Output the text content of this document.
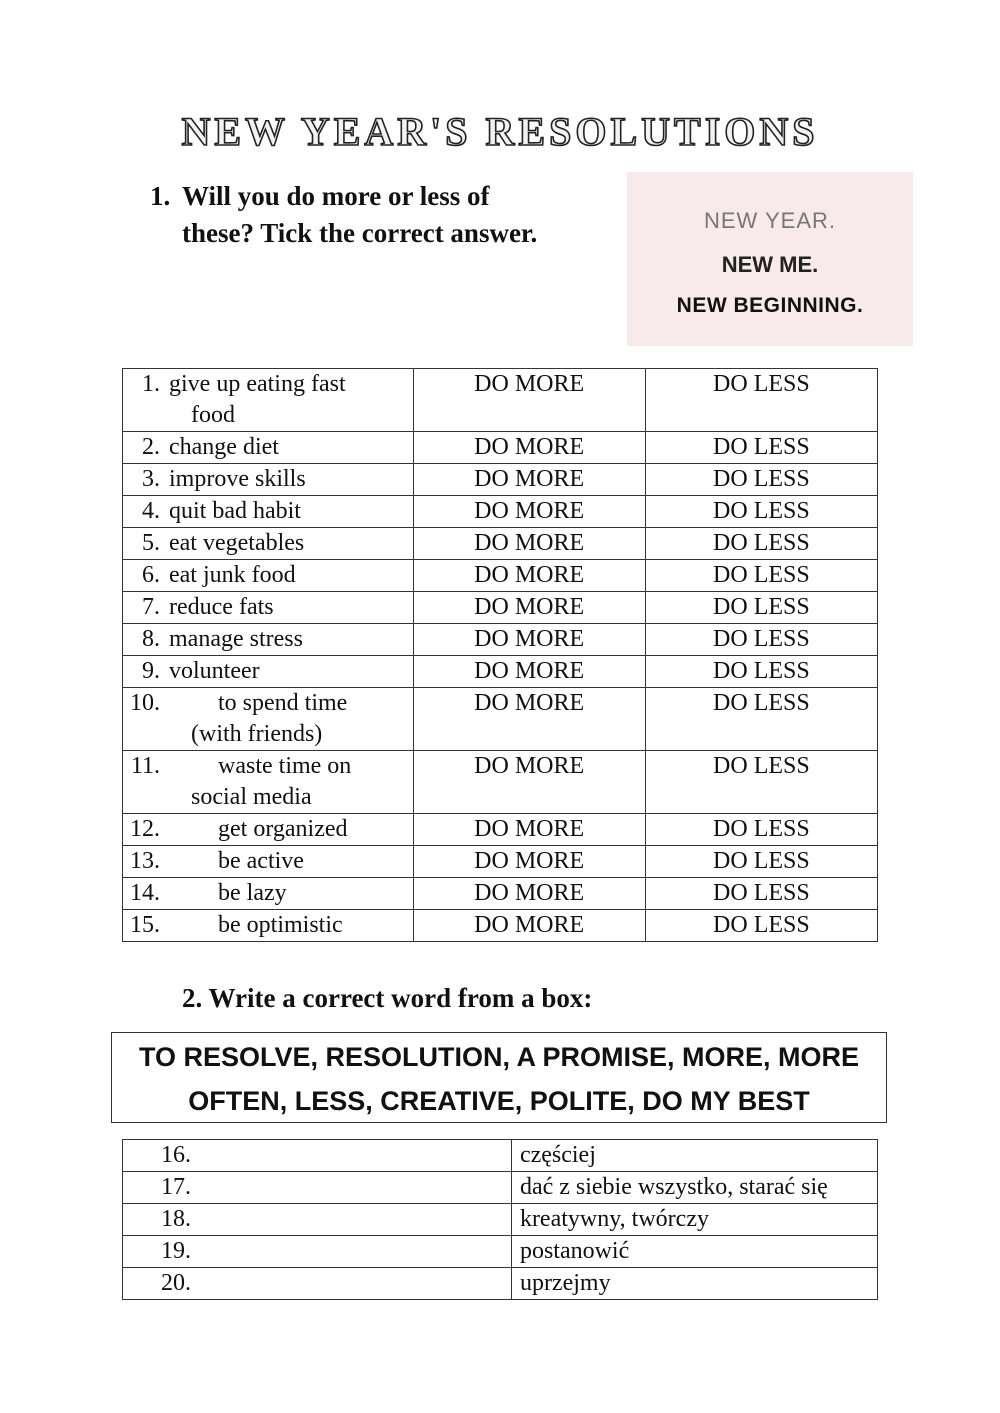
NEW YEAR'S RESOLUTIONS
1. Will you do more or less of
these? Tick the correct answer.	NEW YEAR.
NEW ME.
NEW BEGINNING.
1. give up eating fast
food	DO MORE	DO LESS

2. change diet	DO MORE	DO LESS

3. improve skills	DO MORE	DO LESS

4. quit bad habit	DO MORE	DO LESS

5. eat vegetables	DO MORE	DO LESS

6. eat junk food	DO MORE	DO LESS

7. reduce fats	DO MORE	DO LESS

8. manage stress	DO MORE	DO LESS

9. volunteer	DO MORE	DO LESS

10. to spend time
(with friends)	DO MORE	DO LESS

11. waste time on
social media	DO MORE	DO LESS

12. get organized	DO MORE	DO LESS

13. be active	DO MORE	DO LESS

14. be lazy	DO MORE	DO LESS

15. be optimistic	DO MORE	DO LESS
2. Write a correct word from a box:
TO RESOLVE, RESOLUTION, A PROMISE, MORE, MORE
OFTEN, LESS, CREATIVE, POLITE, DO MY BEST
16.	częściej
17.	dać z siebie wszystko, starać się
18.	kreatywny, twórczy
19.	postanowić
20.	uprzejmy
